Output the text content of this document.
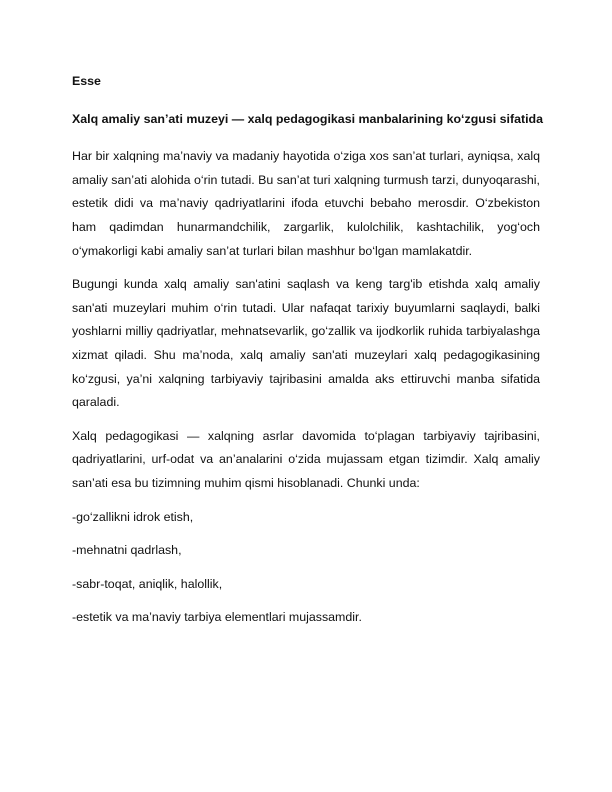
Esse
Xalq amaliy san’ati muzeyi — xalq pedagogikasi manbalarining ko‘zgusi sifatida

Har bir xalqning ma’naviy va madaniy hayotida o‘ziga xos san’at turlari, ayniqsa, xalq amaliy san’ati alohida o‘rin tutadi. Bu san’at turi xalqning turmush tarzi, dunyoqarashi, estetik didi va ma’naviy qadriyatlarini ifoda etuvchi bebaho merosdir. O‘zbekiston ham qadimdan hunarmandchilik, zargarlik, kulolchilik, kashtachilik, yog‘och o‘ymakorligi kabi amaliy san’at turlari bilan mashhur bo‘lgan mamlakatdir.

Bugungi kunda xalq amaliy san'atini saqlash va keng targ'ib etishda xalq amaliy san'ati muzeylari muhim o‘rin tutadi. Ular nafaqat tarixiy buyumlarni saqlaydi, balki yoshlarni milliy qadriyatlar, mehnatsevarlik, go‘zallik va ijodkorlik ruhida tarbiyalashga xizmat qiladi. Shu ma’noda, xalq amaliy san'ati muzeylari xalq pedagogikasining ko‘zgusi, ya’ni xalqning tarbiyaviy tajribasini amalda aks ettiruvchi manba sifatida qaraladi.

Xalq pedagogikasi — xalqning asrlar davomida to‘plagan tarbiyaviy tajribasini, qadriyatlarini, urf-odat va an’analarini o‘zida mujassam etgan tizimdir. Xalq amaliy san’ati esa bu tizimning muhim qismi hisoblanadi. Chunki unda:

-go‘zallikni idrok etish,
-mehnatni qadrlash,
-sabr-toqat, aniqlik, halollik,
-estetik va ma’naviy tarbiya elementlari mujassamdir.
